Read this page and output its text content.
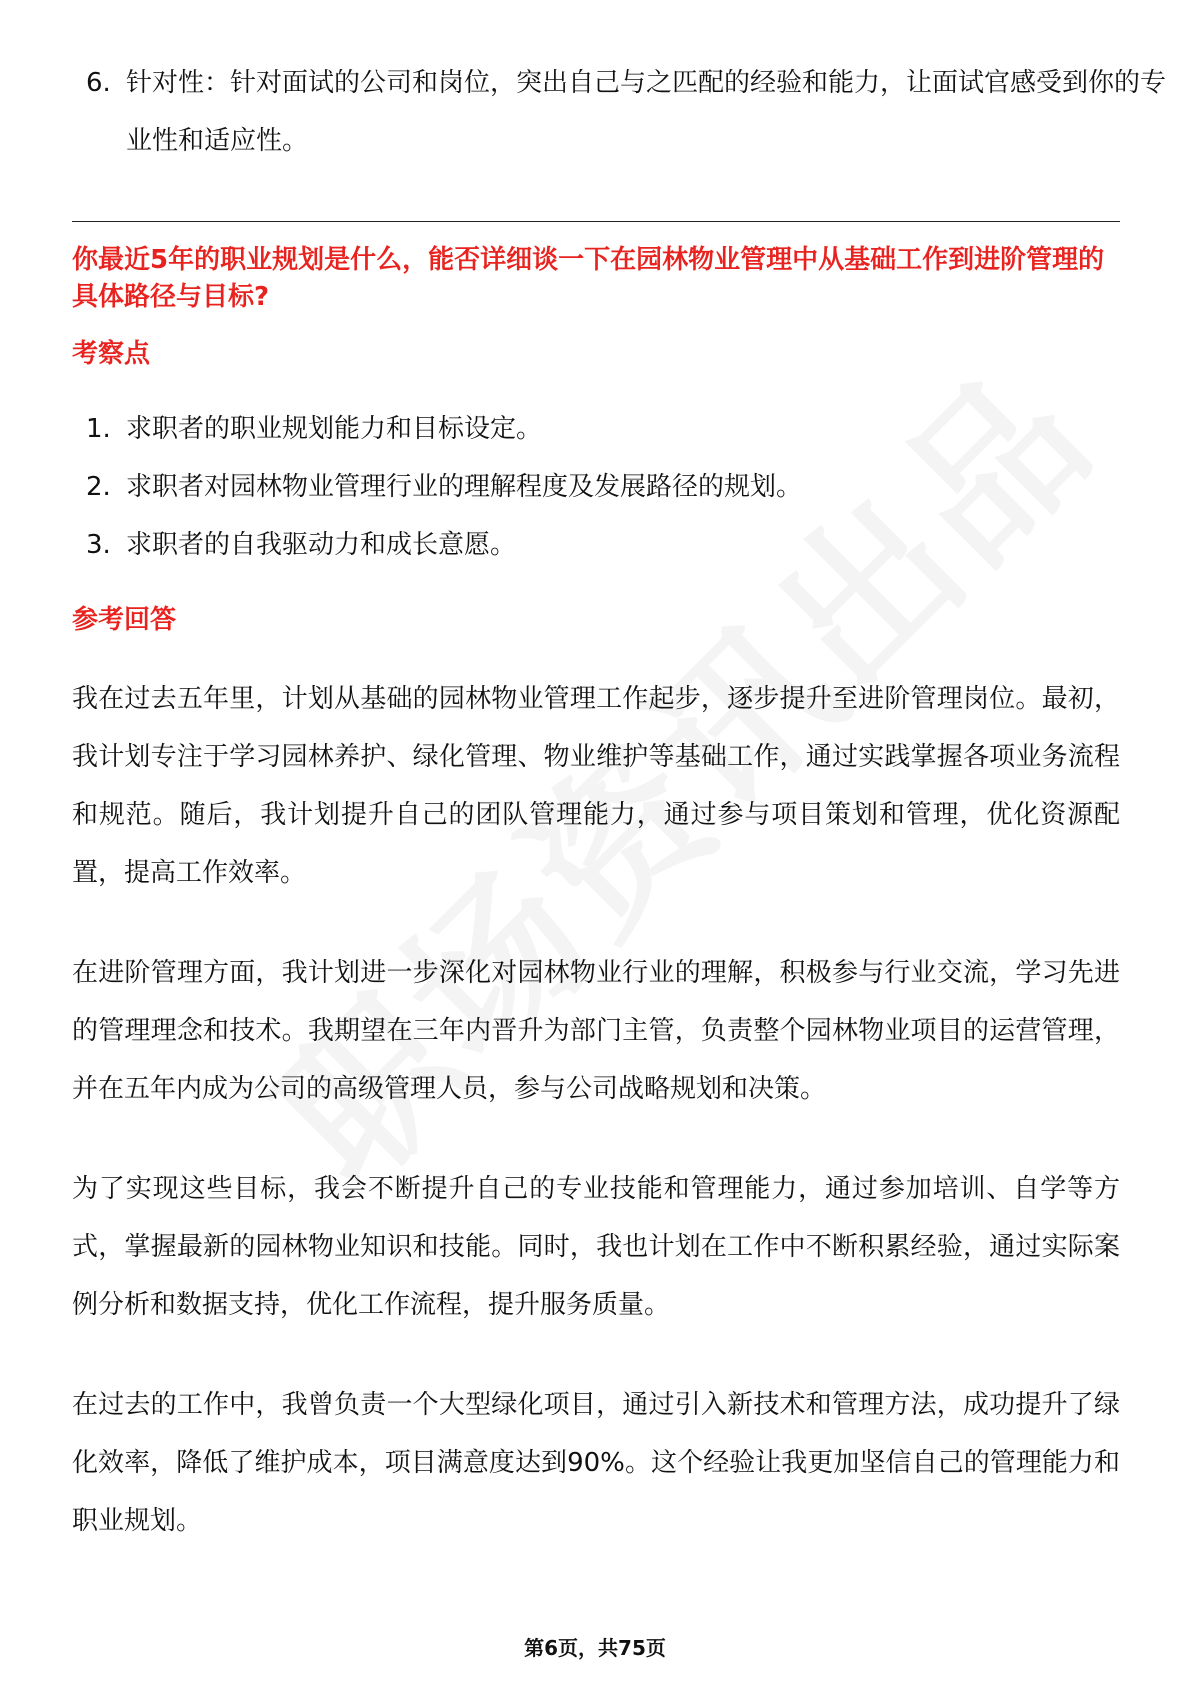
6. 针对性：针对面试的公司和岗位，突出自己与之匹配的经验和能力，让面试官感受到你的专业性和适应性。
你最近5年的职业规划是什么，能否详细谈一下在园林物业管理中从基础工作到进阶管理的具体路径与目标?
考察点
1. 求职者的职业规划能力和目标设定。
2. 求职者对园林物业管理行业的理解程度及发展路径的规划。
3. 求职者的自我驱动力和成长意愿。
参考回答

我在过去五年里，计划从基础的园林物业管理工作起步，逐步提升至进阶管理岗位。最初，我计划专注于学习园林养护、绿化管理、物业维护等基础工作，通过实践掌握各项业务流程和规范。随后，我计划提升自己的团队管理能力，通过参与项目策划和管理，优化资源配置，提高工作效率。

在进阶管理方面，我计划进一步深化对园林物业行业的理解，积极参与行业交流，学习先进的管理理念和技术。我期望在三年内晋升为部门主管，负责整个园林物业项目的运营管理，并在五年内成为公司的高级管理人员，参与公司战略规划和决策。

为了实现这些目标，我会不断提升自己的专业技能和管理能力，通过参加培训、自学等方式，掌握最新的园林物业知识和技能。同时，我也计划在工作中不断积累经验，通过实际案例分析和数据支持，优化工作流程，提升服务质量。

在过去的工作中，我曾负责一个大型绿化项目，通过引入新技术和管理方法，成功提升了绿化效率，降低了维护成本，项目满意度达到90%。这个经验让我更加坚信自己的管理能力和职业规划。

第6页，共75页
